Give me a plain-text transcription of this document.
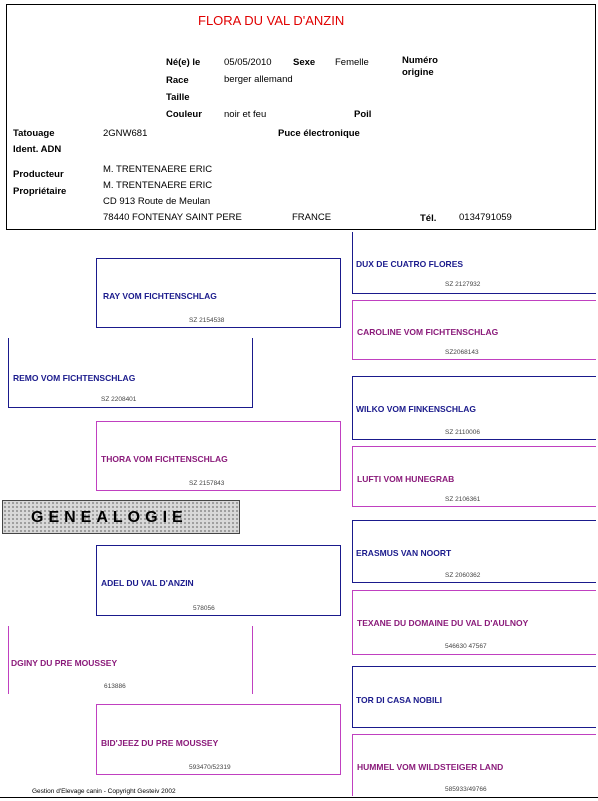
FLORA DU VAL D'ANZIN
Né(e) le 05/05/2010 Sexe Femelle	Numéro origine
Race	berger allemand
Taille
Couleur noir et feu	Poil
Tatouage	2GNW681	Puce électronique
Ident. ADN
Producteur	M. TRENTENAERE ERIC
Propriétaire
M. TRENTENAERE ERIC
CD 913 Route de Meulan
78440 FONTENAY SAINT PERE	FRANCE	Tél. 0134791059
REMO VOM FICHTENSCHLAG
SZ 2208401
DGINY DU PRE MOUSSEY
613886
RAY VOM FICHTENSCHLAG
SZ 2154538
THORA VOM FICHTENSCHLAG
SZ 2157843
ADEL DU VAL D'ANZIN
578056
BID'JEEZ DU PRE MOUSSEY
593470/52319
DUX DE CUATRO FLORES
SZ 2127932
CAROLINE VOM FICHTENSCHLAG
SZ2068143
WILKO VOM FINKENSCHLAG
SZ 2110006
LUFTI VOM HUNEGRAB
SZ 2106361
ERASMUS VAN NOORT
SZ 2060362
TEXANE DU DOMAINE DU VAL D'AULNOY
546630 47567
TOR DI CASA NOBILI
HUMMEL VOM WILDSTEIGER LAND
585933/49766
GENEALOGIE
Gestion d'Elevage canin - Copyright Gesteiv 2002
